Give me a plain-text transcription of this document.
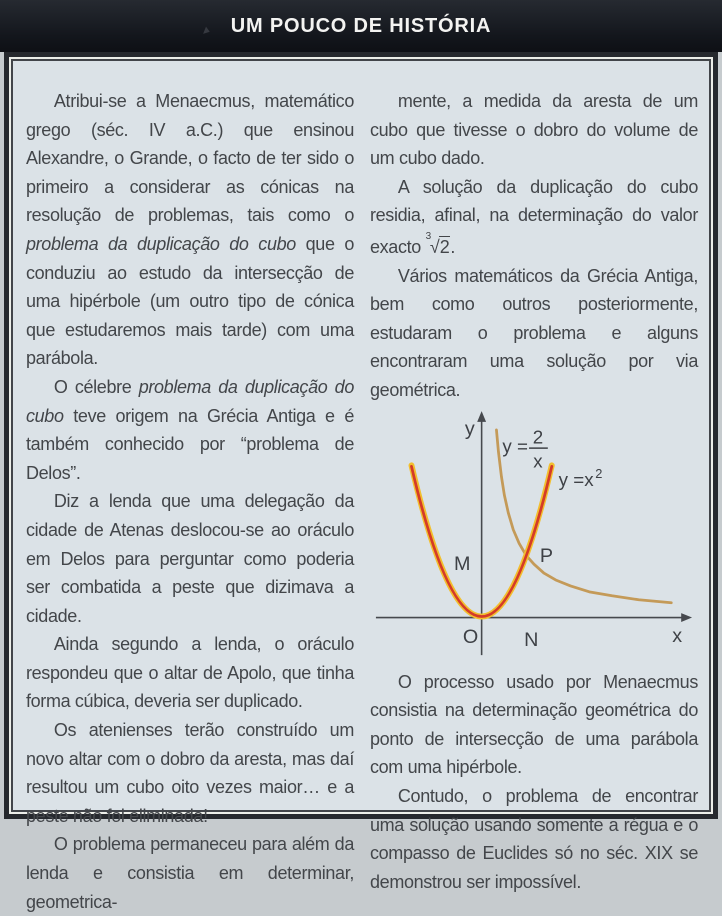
UM POUCO DE HISTÓRIA

Atribui-se a Menaecmus, matemático grego (séc. IV a.C.) que ensinou Alexandre, o Grande, o facto de ter sido o primeiro a considerar as cónicas na resolução de problemas, tais como o problema da duplicação do cubo que o conduziu ao estudo da intersecção de uma hipérbole (um outro tipo de cónica que estudaremos mais tarde) com uma parábola.

O célebre problema da duplicação do cubo teve origem na Grécia Antiga e é também conhecido por “problema de Delos”.

Diz a lenda que uma delegação da cidade de Atenas deslocou-se ao oráculo em Delos para perguntar como poderia ser combatida a peste que dizimava a cidade.

Ainda segundo a lenda, o oráculo respondeu que o altar de Apolo, que tinha forma cúbica, deveria ser duplicado.

Os atenienses terão construído um novo altar com o dobro da aresta, mas daí resultou um cubo oito vezes maior… e a peste não foi eliminada!

O problema permaneceu para além da lenda e consistia em determinar, geometrica-

mente, a medida da aresta de um cubo que tivesse o dobro do volume de um cubo dado.

A solução da duplicação do cubo residia, afinal, na determinação do valor exacto $^3$√2.

Vários matemáticos da Grécia Antiga, bem como outros posteriormente, estudaram o problema e alguns encontraram uma solução por via geométrica.

y
x
O N
M	P
y = 2
x
y =x 2

O processo usado por Menaecmus consistia na determinação geométrica do ponto de intersecção de uma parábola com uma hipérbole.

Contudo, o problema de encontrar uma solução usando somente a régua e o compasso de Euclides só no séc. XIX se demonstrou ser impossível.
